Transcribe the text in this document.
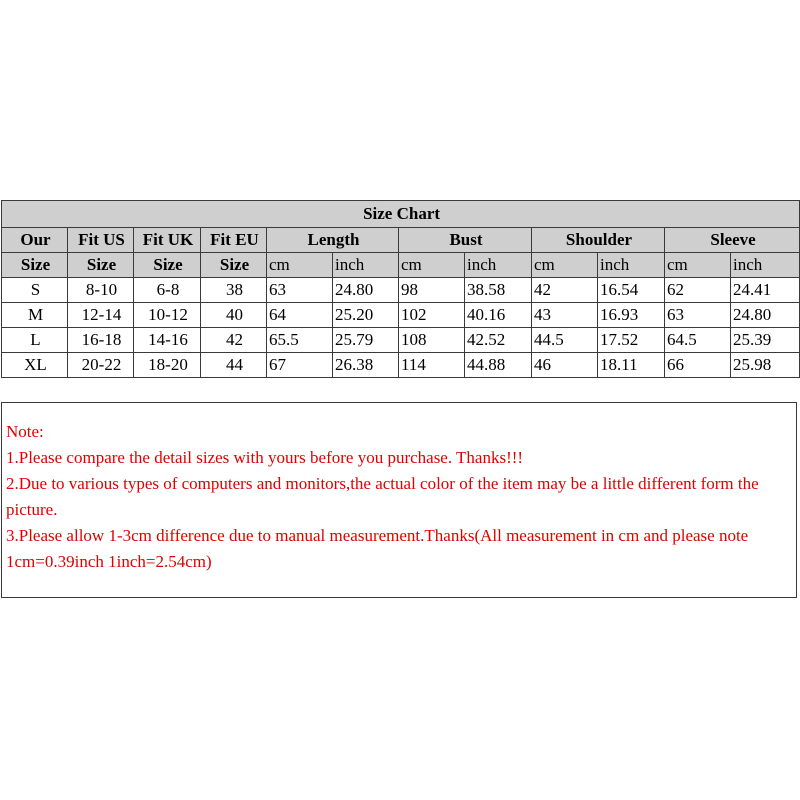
Size Chart											
Our	Fit US	Fit UK	Fit EU	Length		Bust		Shoulder		Sleeve	
Size	Size	Size	Size	cm	inch	cm	inch	cm	inch	cm	inch
S	8-10	6-8	38	63	24.80	98	38.58	42	16.54	62	24.41
M	12-14	10-12	40	64	25.20	102	40.16	43	16.93	63	24.80
L	16-18	14-16	42	65.5	25.79	108	42.52	44.5	17.52	64.5	25.39
XL	20-22	18-20	44	67	26.38	114	44.88	46	18.11	66	25.98

Note:

1.Please compare the detail sizes with yours before you purchase. Thanks!!!

2.Due to various types of computers and monitors,the actual color of the item may be a little different form the picture.

3.Please allow 1-3cm difference due to manual measurement.Thanks(All measurement in cm and please note 1cm=0.39inch 1inch=2.54cm)
